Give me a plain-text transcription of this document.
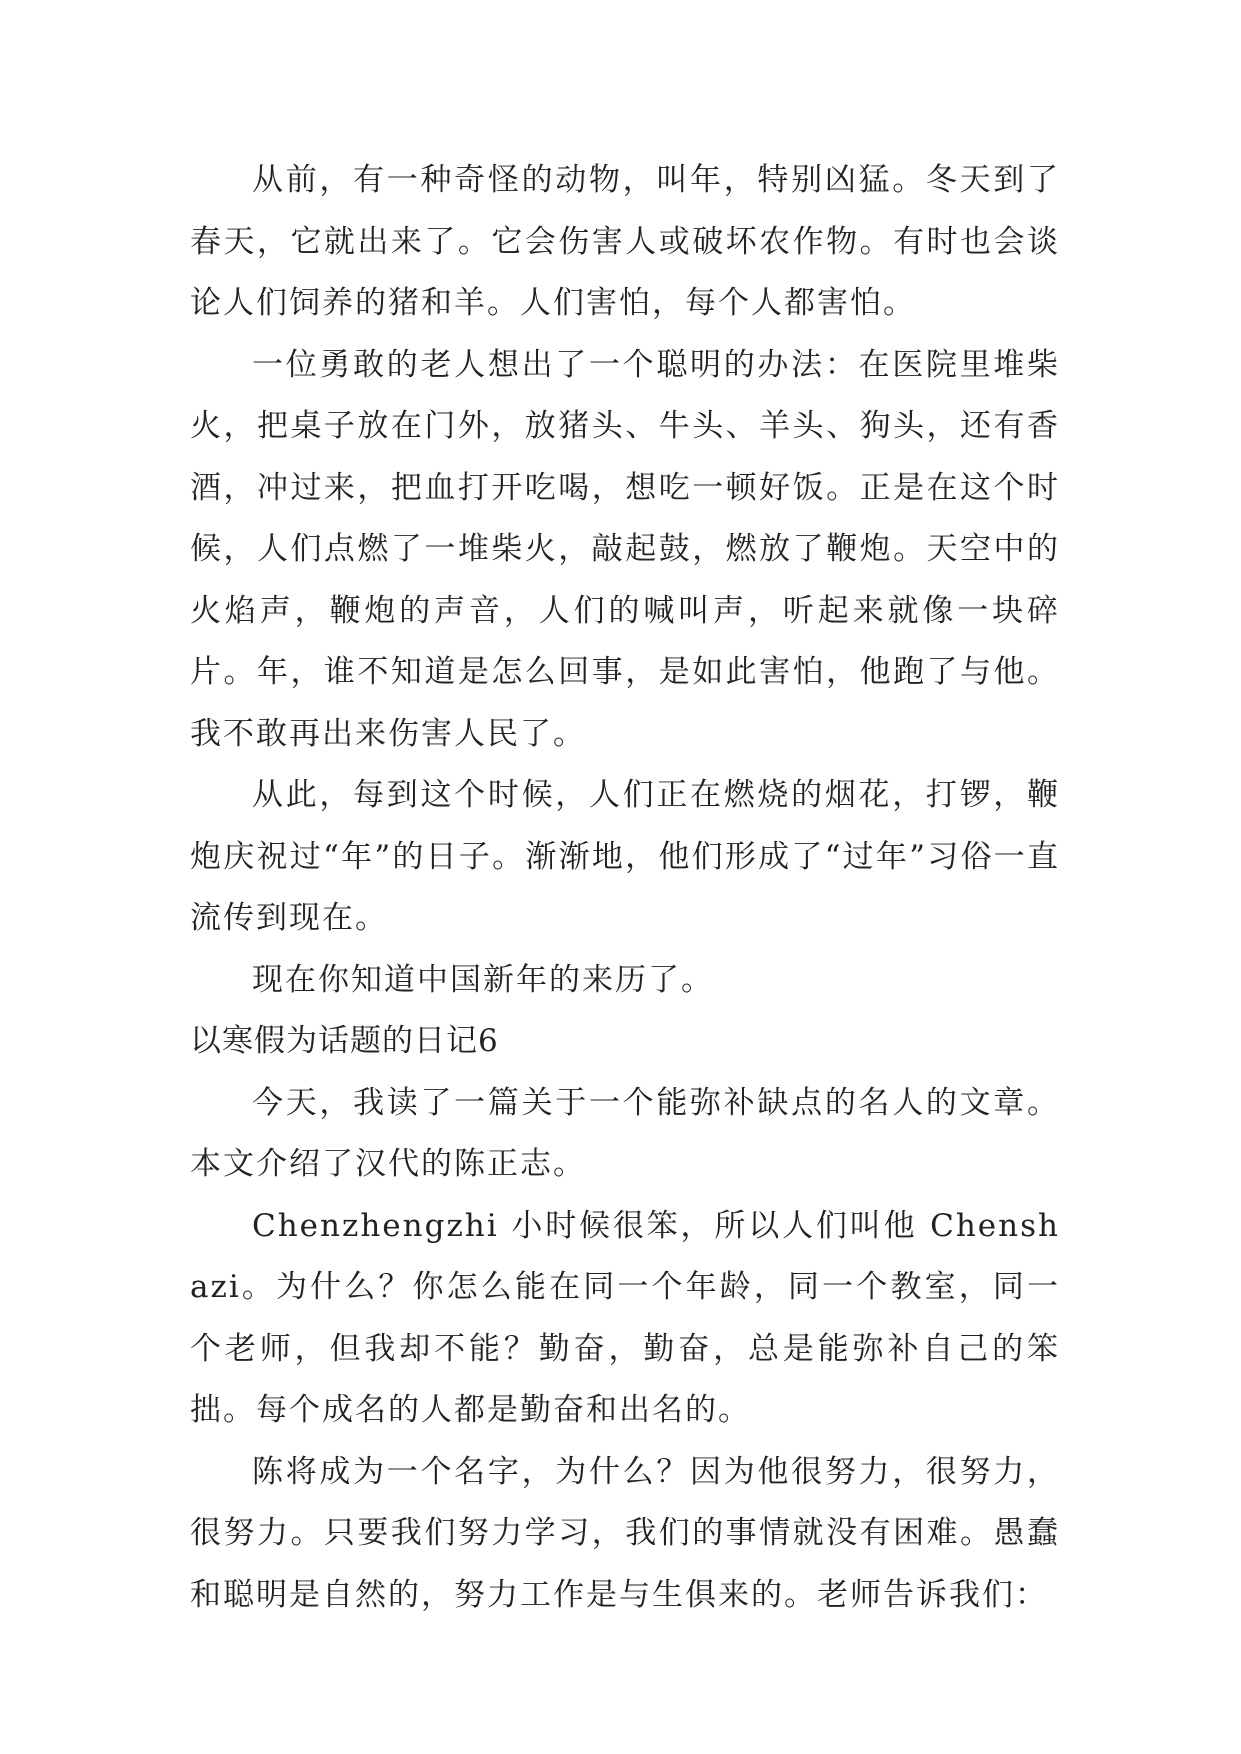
从前，有一种奇怪的动物，叫年，特别凶猛。冬天到了春天，它就出来了。它会伤害人或破坏农作物。有时也会谈论人们饲养的猪和羊。人们害怕，每个人都害怕。

一位勇敢的老人想出了一个聪明的办法：在医院里堆柴火，把桌子放在门外，放猪头、牛头、羊头、狗头，还有香酒，冲过来，把血打开吃喝，想吃一顿好饭。正是在这个时候，人们点燃了一堆柴火，敲起鼓，燃放了鞭炮。天空中的火焰声，鞭炮的声音，人们的喊叫声，听起来就像一块碎片。年，谁不知道是怎么回事，是如此害怕，他跑了与他。我不敢再出来伤害人民了。

从此，每到这个时候，人们正在燃烧的烟花，打锣，鞭炮庆祝过“年”的日子。渐渐地，他们形成了“过年”习俗一直流传到现在。

现在你知道中国新年的来历了。

以寒假为话题的日记6

今天，我读了一篇关于一个能弥补缺点的名人的文章。本文介绍了汉代的陈正志。

Chenzhengzhi 小时候很笨，所以人们叫他 Chenshazi。为什么？你怎么能在同一个年龄，同一个教室，同一个老师，但我却不能？勤奋，勤奋，总是能弥补自己的笨拙。每个成名的人都是勤奋和出名的。

陈将成为一个名字，为什么？因为他很努力，很努力，很努力。只要我们努力学习，我们的事情就没有困难。愚蠢和聪明是自然的，努力工作是与生俱来的。老师告诉我们：
